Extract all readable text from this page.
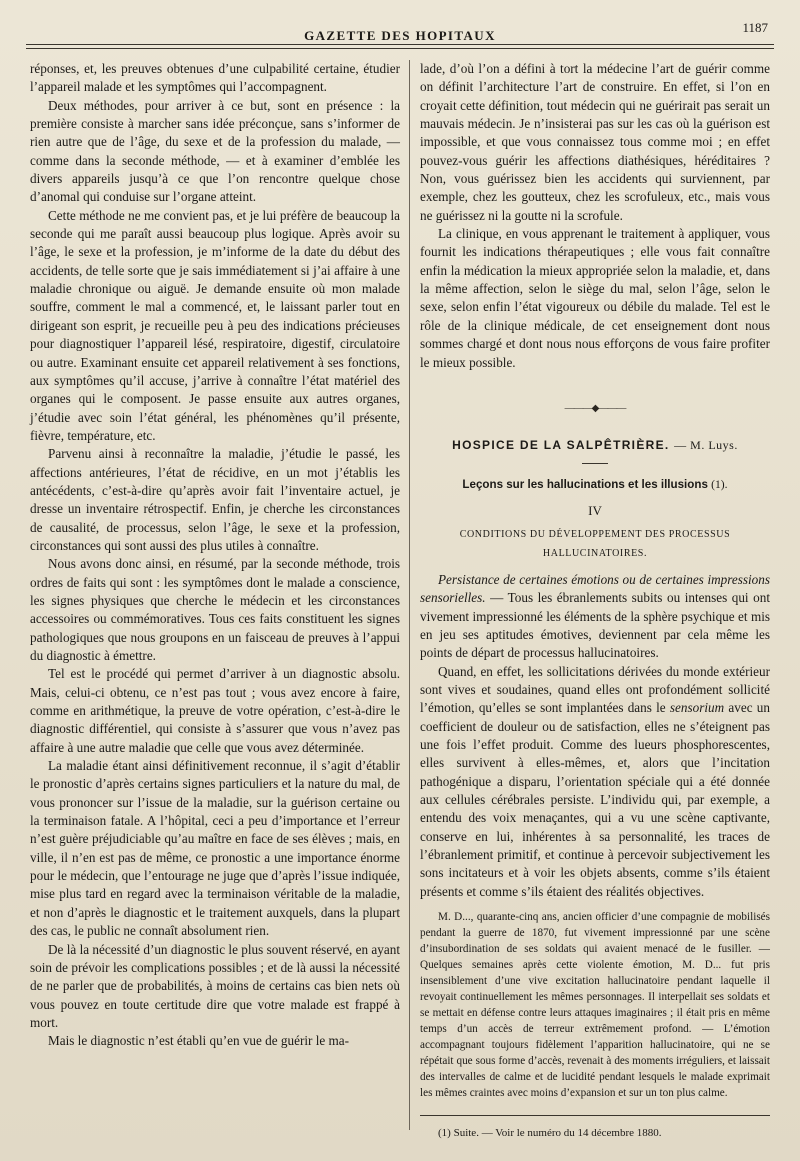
GAZETTE DES HOPITAUX
1187

réponses, et, les preuves obtenues d’une culpabilité certaine, étudier l’appareil malade et les symptômes qui l’accompagnent.

Deux méthodes, pour arriver à ce but, sont en présence : la première consiste à marcher sans idée préconçue, sans s’informer de rien autre que de l’âge, du sexe et de la profession du malade, — comme dans la seconde méthode, — et à examiner d’emblée les divers appareils jusqu’à ce que l’on rencontre quelque chose d’anomal qui conduise sur l’organe atteint.

Cette méthode ne me convient pas, et je lui préfère de beaucoup la seconde qui me paraît aussi beaucoup plus logique. Après avoir su l’âge, le sexe et la profession, je m’informe de la date du début des accidents, de telle sorte que je sais immédiatement si j’ai affaire à une maladie chronique ou aiguë. Je demande ensuite où mon malade souffre, comment le mal a commencé, et, le laissant parler tout en dirigeant son esprit, je recueille peu à peu des indications précieuses pour diagnostiquer l’appareil lésé, respiratoire, digestif, circulatoire ou autre. Examinant ensuite cet appareil relativement à ses fonctions, aux symptômes qu’il accuse, j’arrive à connaître l’état matériel des organes qui le composent. Je passe ensuite aux autres organes, j’étudie avec soin l’état général, les phénomènes qu’il présente, fièvre, température, etc.

Parvenu ainsi à reconnaître la maladie, j’étudie le passé, les affections antérieures, l’état de récidive, en un mot j’établis les antécédents, c’est-à-dire qu’après avoir fait l’inventaire actuel, je dresse un inventaire rétrospectif. Enfin, je cherche les circonstances de causalité, de processus, selon l’âge, le sexe et la profession, circonstances qui sont aussi des plus utiles à connaître.

Nous avons donc ainsi, en résumé, par la seconde méthode, trois ordres de faits qui sont : les symptômes dont le malade a conscience, les signes physiques que cherche le médecin et les circonstances accessoires ou commémoratives. Tous ces faits constituent les signes pathologiques que nous groupons en un faisceau de preuves à l’appui du diagnostic à émettre.

Tel est le procédé qui permet d’arriver à un diagnostic absolu. Mais, celui-ci obtenu, ce n’est pas tout ; vous avez encore à faire, comme en arithmétique, la preuve de votre opération, c’est-à-dire le diagnostic différentiel, qui consiste à s’assurer que vous n’avez pas affaire à une autre maladie que celle que vous avez déterminée.

La maladie étant ainsi définitivement reconnue, il s’agit d’établir le pronostic d’après certains signes particuliers et la nature du mal, de vous prononcer sur l’issue de la maladie, sur la guérison certaine ou la terminaison fatale. A l’hôpital, ceci a peu d’importance et l’erreur n’est guère préjudiciable qu’au maître en face de ses élèves ; mais, en ville, il n’en est pas de même, ce pronostic a une importance énorme pour le médecin, que l’entourage ne juge que d’après l’issue indiquée, mise plus tard en regard avec la terminaison véritable de la maladie, et non d’après le diagnostic et le traitement auxquels, dans la plupart des cas, le public ne connaît absolument rien.

De là la nécessité d’un diagnostic le plus souvent réservé, en ayant soin de prévoir les complications possibles ; et de là aussi la nécessité de ne parler que de probabilités, à moins de certains cas bien nets où vous pouvez en toute certitude dire que votre malade est frappé à mort.

Mais le diagnostic n’est établi qu’en vue de guérir le ma-

lade, d’où l’on a défini à tort la médecine l’art de guérir comme on définit l’architecture l’art de construire. En effet, si l’on en croyait cette définition, tout médecin qui ne guérirait pas serait un mauvais médecin. Je n’insisterai pas sur les cas où la guérison est impossible, et que vous connaissez tous comme moi ; en effet pouvez-vous guérir les affections diathésiques, héréditaires ? Non, vous guérissez bien les accidents qui surviennent, par exemple, chez les goutteux, chez les scrofuleux, etc., mais vous ne guérissez ni la goutte ni la scrofule.

La clinique, en vous apprenant le traitement à appliquer, vous fournit les indications thérapeutiques ; elle vous fait connaître enfin la médication la mieux appropriée selon la maladie, et, dans la même affection, selon le siège du mal, selon l’âge, selon le sexe, selon enfin l’état vigoureux ou débile du malade. Tel est le rôle de la clinique médicale, de cet enseignement dont nous sommes chargé et dont nous nous efforçons de vous faire profiter le mieux possible.

———◆———
HOSPICE DE LA SALPÊTRIÈRE. — M. Luys.
Leçons sur les hallucinations et les illusions (1).
IV
CONDITIONS DU DÉVELOPPEMENT DES PROCESSUS HALLUCINATOIRES.

Persistance de certaines émotions ou de certaines impressions sensorielles. — Tous les ébranlements subits ou intenses qui ont vivement impressionné les éléments de la sphère psychique et mis en jeu ses aptitudes émotives, deviennent par cela même les points de départ de processus hallucinatoires.

Quand, en effet, les sollicitations dérivées du monde extérieur sont vives et soudaines, quand elles ont profondément sollicité l’émotion, qu’elles se sont implantées dans le sensorium avec un coefficient de douleur ou de satisfaction, elles ne s’éteignent pas une fois l’effet produit. Comme des lueurs phosphorescentes, elles survivent à elles-mêmes, et, alors que l’incitation pathogénique a disparu, l’orientation spéciale qui a été donnée aux cellules cérébrales persiste. L’individu qui, par exemple, a entendu des voix menaçantes, qui a vu une scène captivante, conserve en lui, inhérentes à sa personnalité, les traces de l’ébranlement primitif, et continue à percevoir subjectivement les sons incitateurs et à voir les objets absents, comme s’ils étaient présents et comme s’ils étaient des réalités objectives.

M. D..., quarante-cinq ans, ancien officier d’une compagnie de mobilisés pendant la guerre de 1870, fut vivement impressionné par une scène d’insubordination de ses soldats qui avaient menacé de le fusiller. — Quelques semaines après cette violente émotion, M. D... fut pris insensiblement d’une vive excitation hallucinatoire pendant laquelle il revoyait continuellement les mêmes personnages. Il interpellait ses soldats et se mettait en défense contre leurs attaques imaginaires ; il était pris en même temps d’un accès de terreur extrêmement profond. — L’émotion accompagnant toujours fidèlement l’apparition hallucinatoire, qui ne se répétait que sous forme d’accès, revenait à des moments irréguliers, et laissait des intervalles de calme et de lucidité pendant lesquels le malade exprimait les mêmes craintes avec moins d’expansion et sur un ton plus calme.

(1) Suite. — Voir le numéro du 14 décembre 1880.
